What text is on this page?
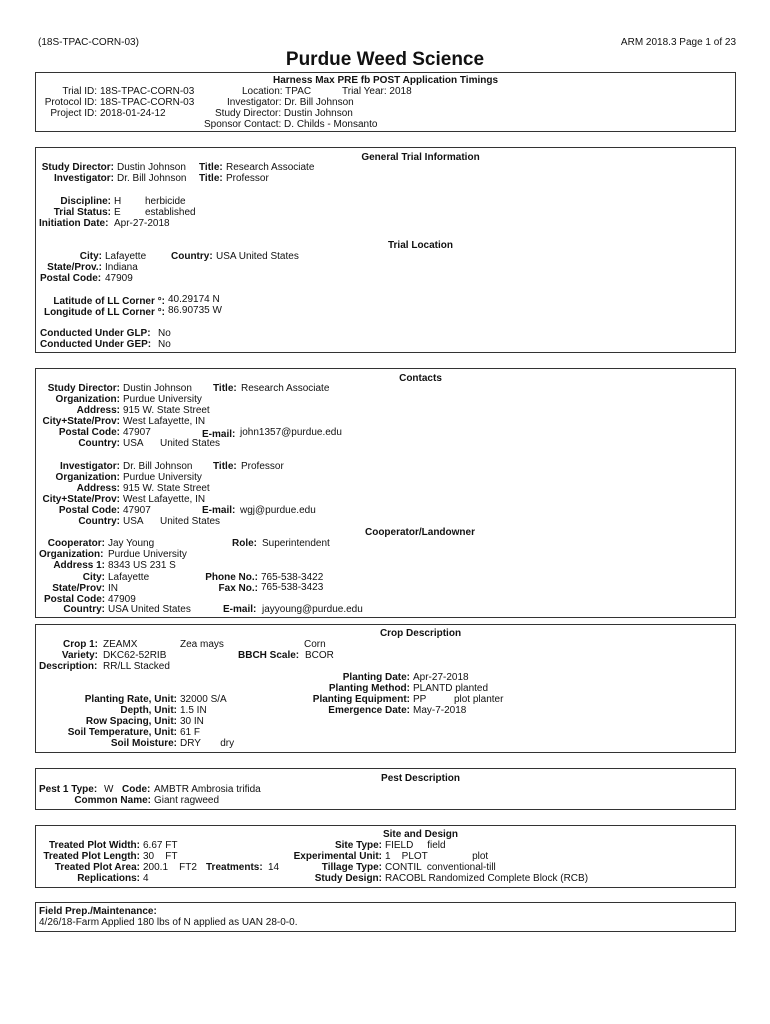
(18S-TPAC-CORN-03)	ARM 2018.3 Page 1 of 23
Purdue Weed Science
Harness Max PRE fb POST Application Timings
Trial ID: 18S-TPAC-CORN-03
Protocol ID: 18S-TPAC-CORN-03
Project ID: 2018-01-24-12
Location: TPAC	Trial Year: 2018
Investigator: Dr. Bill Johnson
Study Director: Dustin Johnson
Sponsor Contact: D. Childs - Monsanto
General Trial Information
Study Director: Dustin Johnson Title: Research Associate
Investigator: Dr. Bill Johnson Title: Professor
Discipline: H herbicide
Trial Status: E established
Initiation Date: Apr-27-2018
Trial Location
City: Lafayette Country: USA United States
State/Prov.: Indiana
Postal Code: 47909
Latitude of LL Corner °: 40.29174 N
Longitude of LL Corner °: 86.90735 W
Conducted Under GLP: No
Conducted Under GEP: No
Contacts
Study Director: Dustin Johnson Title: Research Associate
Organization: Purdue University
Address: 915 W. State Street
City+State/Prov: West Lafayette, IN
Postal Code: 47907	E-mail: john1357@purdue.edu
Country: USA United States
Investigator: Dr. Bill Johnson Title: Professor
Organization: Purdue University
Address: 915 W. State Street
City+State/Prov: West Lafayette, IN
Postal Code: 47907	E-mail: wgj@purdue.edu
Country: USA United States
Cooperator/Landowner
Cooperator: Jay Young	Role: Superintendent
Organization: Purdue University
Address 1: 8343 US 231 S
City: Lafayette	Phone No.: 765-538-3422
State/Prov: IN	Fax No.: 765-538-3423
Postal Code: 47909
Country: USA United States	E-mail: jayyoung@purdue.edu
Crop Description
Crop 1: ZEAMX	Zea mays	Corn
Variety: DKC62-52RIB	BBCH Scale: BCOR
Description: RR/LL Stacked
Planting Date: Apr-27-2018
Planting Method: PLANTD planted
Planting Equipment: PP          plot planter
Emergence Date: May-7-2018
Planting Rate, Unit: 32000 S/A
Depth, Unit: 1.5 IN
Row Spacing, Unit: 30 IN
Soil Temperature, Unit: 61 F
Soil Moisture: DRY       dry
Pest Description
Pest 1 Type: W Code: AMBTR Ambrosia trifida
Common Name: Giant ragweed
Site and Design
Treated Plot Width: 6.67 FT
Treated Plot Length: 30    FT
Treated Plot Area: 200.1    FT2 Treatments: 14
Replications: 4
Site Type: FIELD     field
Experimental Unit: 1    PLOT                plot
Tillage Type: CONTIL  conventional-till
Study Design: RACOBL Randomized Complete Block (RCB)
Field Prep./Maintenance:
4/26/18-Farm Applied 180 lbs of N applied as UAN 28-0-0.
